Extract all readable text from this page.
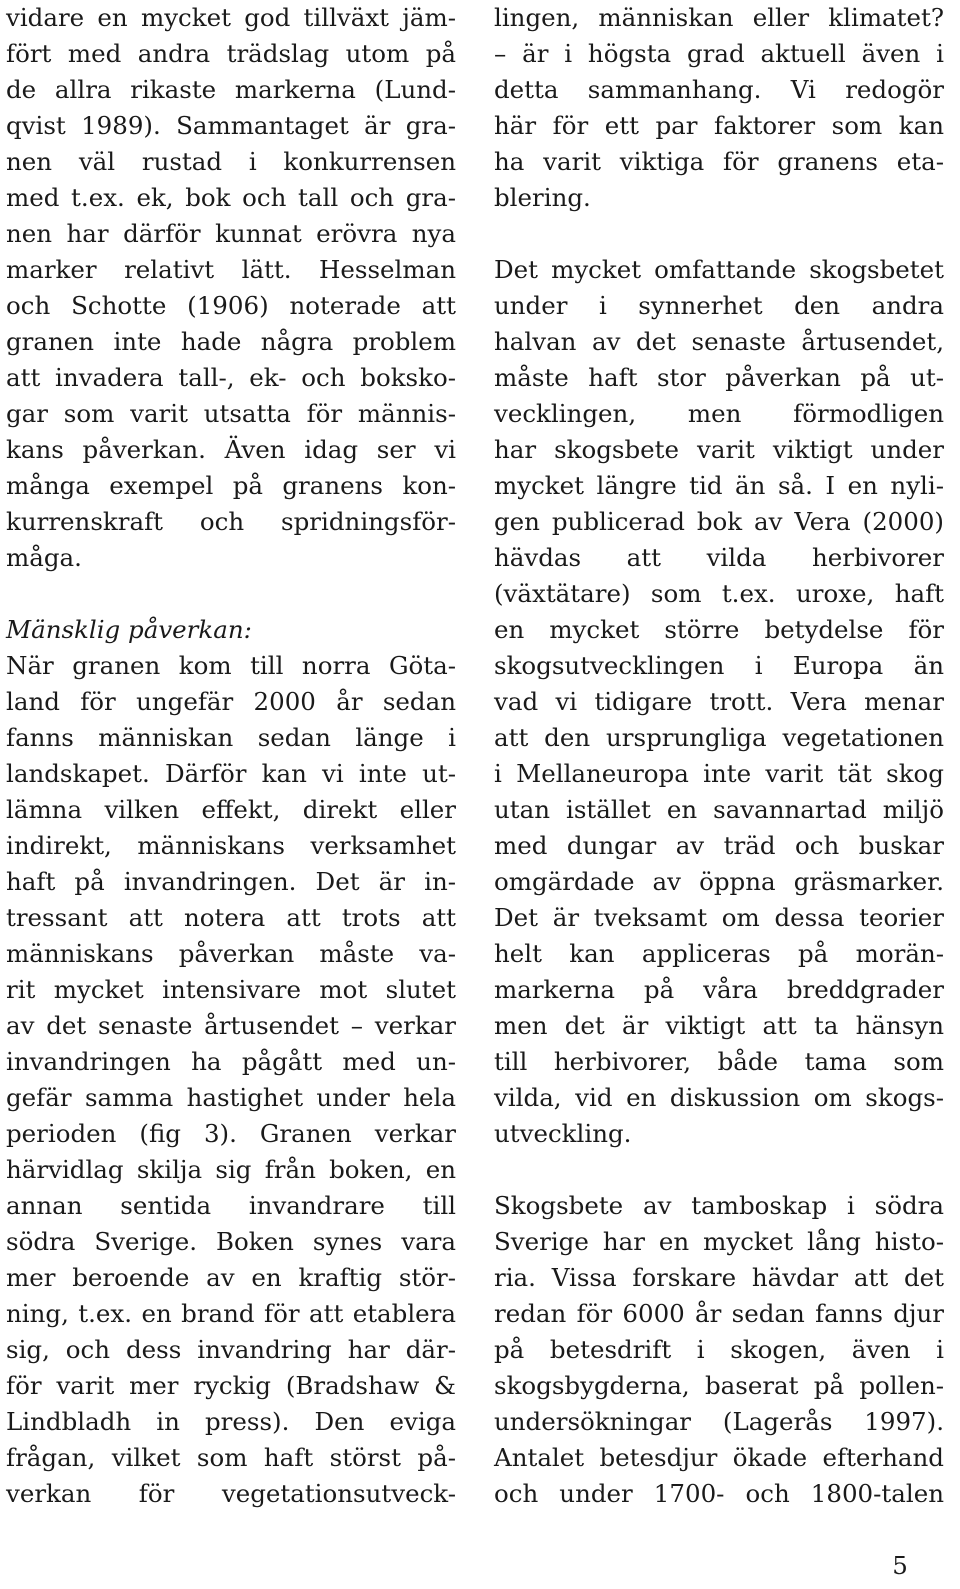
vidare en mycket god tillväxt jäm-
fört med andra trädslag utom på
de allra rikaste markerna (Lund-
qvist 1989). Sammantaget är gra-
nen väl rustad i konkurrensen
med t.ex. ek, bok och tall och gra-
nen har därför kunnat erövra nya
marker relativt lätt. Hesselman
och Schotte (1906) noterade att
granen inte hade några problem
att invadera tall-, ek- och boksko-
gar som varit utsatta för männis-
kans påverkan. Även idag ser vi
många exempel på granens kon-
kurrenskraft och spridningsför-
måga.
Mänsklig påverkan:
När granen kom till norra Göta-
land för ungefär 2000 år sedan
fanns människan sedan länge i
landskapet. Därför kan vi inte ut-
lämna vilken effekt, direkt eller
indirekt, människans verksamhet
haft på invandringen. Det är in-
tressant att notera att trots att
människans påverkan måste va-
rit mycket intensivare mot slutet
av det senaste årtusendet – verkar
invandringen ha pågått med un-
gefär samma hastighet under hela
perioden (fig 3). Granen verkar
härvidlag skilja sig från boken, en
annan sentida invandrare till
södra Sverige. Boken synes vara
mer beroende av en kraftig stör-
ning, t.ex. en brand för att etablera
sig, och dess invandring har där-
för varit mer ryckig (Bradshaw &
Lindbladh in press). Den eviga
frågan, vilket som haft störst på-
verkan för vegetationsutveck-
lingen, människan eller klimatet?
– är i högsta grad aktuell även i
detta sammanhang. Vi redogör
här för ett par faktorer som kan
ha varit viktiga för granens eta-
blering.
Det mycket omfattande skogsbetet
under i synnerhet den andra
halvan av det senaste årtusendet,
måste haft stor påverkan på ut-
vecklingen, men förmodligen
har skogsbete varit viktigt under
mycket längre tid än så. I en nyli-
gen publicerad bok av Vera (2000)
hävdas att vilda herbivorer
(växtätare) som t.ex. uroxe, haft
en mycket större betydelse för
skogsutvecklingen i Europa än
vad vi tidigare trott. Vera menar
att den ursprungliga vegetationen
i Mellaneuropa inte varit tät skog
utan istället en savannartad miljö
med dungar av träd och buskar
omgärdade av öppna gräsmarker.
Det är tveksamt om dessa teorier
helt kan appliceras på morän-
markerna på våra breddgrader
men det är viktigt att ta hänsyn
till herbivorer, både tama som
vilda, vid en diskussion om skogs-
utveckling.
Skogsbete av tamboskap i södra
Sverige har en mycket lång histo-
ria. Vissa forskare hävdar att det
redan för 6000 år sedan fanns djur
på betesdrift i skogen, även i
skogsbygderna, baserat på pollen-
undersökningar (Lagerås 1997).
Antalet betesdjur ökade efterhand
och under 1700- och 1800-talen
5
